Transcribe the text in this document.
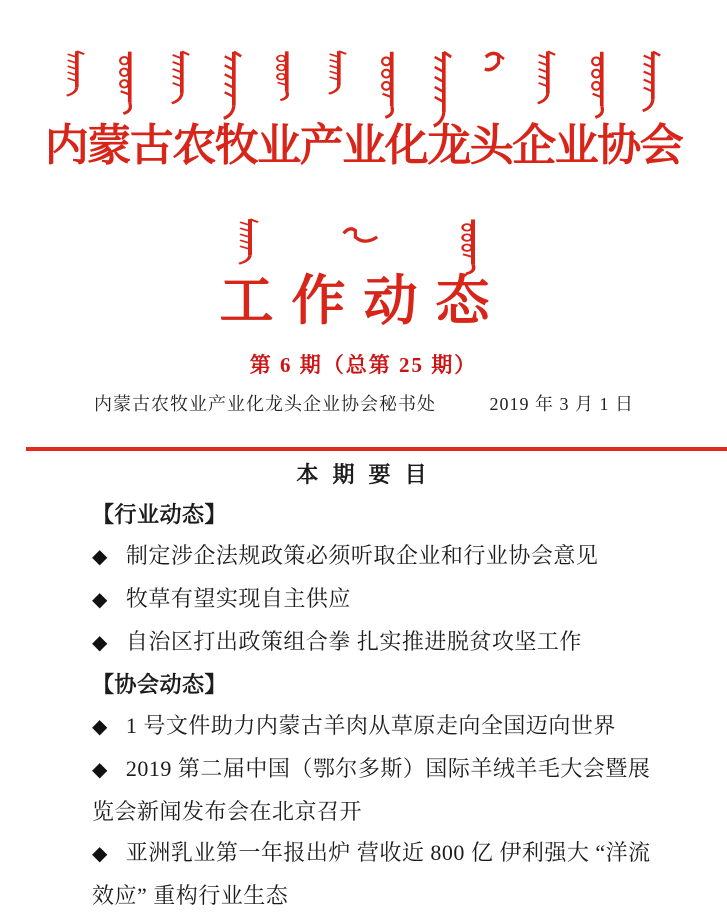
内蒙古农牧业产业化龙头企业协会
工作动态
第 6 期（总第 25 期）
内蒙古农牧业产业化龙头企业协会秘书处	2019 年 3 月 1 日
本 期 要 目
【行业动态】
◆ 制定涉企法规政策必须听取企业和行业协会意见
◆ 牧草有望实现自主供应
◆ 自治区打出政策组合拳 扎实推进脱贫攻坚工作
【协会动态】
◆ 1 号文件助力内蒙古羊肉从草原走向全国迈向世界
◆ 2019 第二届中国（鄂尔多斯）国际羊绒羊毛大会暨展览会新闻发布会在北京召开
◆ 亚洲乳业第一年报出炉 营收近 800 亿 伊利强大 “洋流效应” 重构行业生态
